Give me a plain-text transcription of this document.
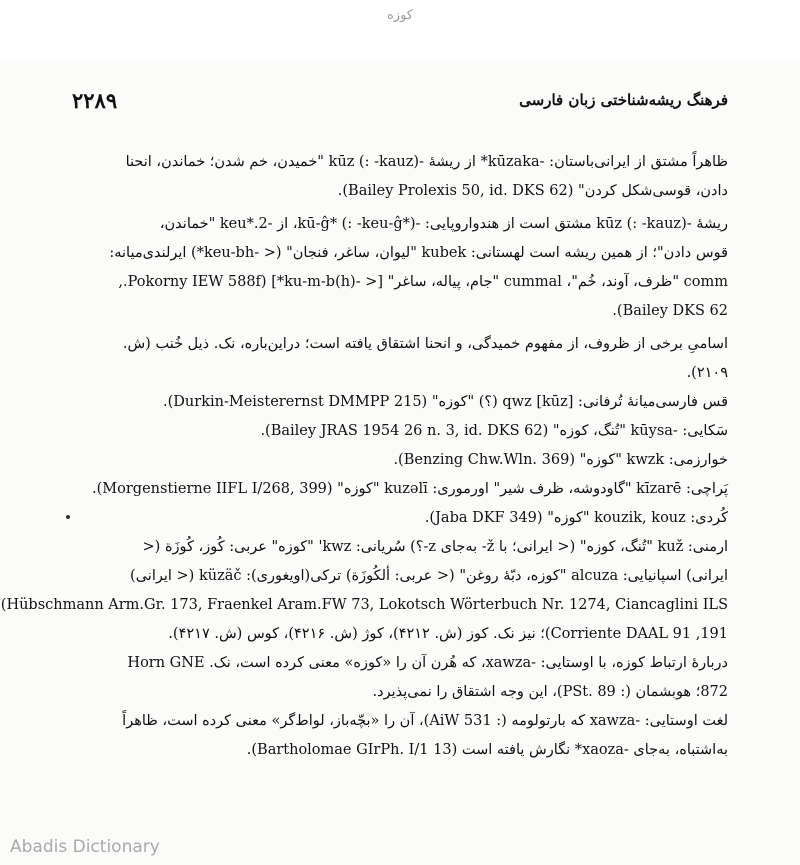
کوزه
۲۲۸۹	فرهنگ ریشه‌شناختی زبان فارسی
ظاهراً مشتق از ایرانی‌باستان: -kūzaka* از ریشهٔ -kūz (: -kauz) "خمیدن، خم شدن؛ خماندن، انحنا
دادن، قوسی‌شکل کردن" (Bailey Prolexis 50, id. DKS 62).
ریشهٔ -kūz (: -kauz) مشتق است از هندواروپایی: -kū-ĝ* (: -keu-ĝ*)، از -keu*.2 "خماندن،
قوس دادن"؛ از همین ریشه است لهستانی: kubek "لیوان، ساغر، فنجان" (< -keu-bh*) ایرلندی‌میانه:
comm "ظرف، آوند، خُم"، cummal "جام، پیاله، ساغر" [< -ku-m-b(h)*] (Pokorny IEW 588f.,
Bailey DKS 62).
اسامیِ برخی از ظروف، از مفهوم خمیدگی، و انحنا اشتقاق یافته است؛ دراین‌باره، نک. ذیل خُنب (ش.
۲۱۰۹).
قس فارسی‌میانهٔ تُرفانی: qwz [kūz] (؟) "کوزه" (Durkin-Meisterernst DMMPP 215).
سَکایی: -kūysa "تُنگ، کوزه" (Bailey JRAS 1954 26 n. 3, id. DKS 62).
خوارزمی: kwzk "کوزه" (Benzing Chw.Wln. 369).
پَراچی: kīzarē "گاودوشه، ظرف شیر" اورموری: kuzəlī "کوزه" (Morgenstierne IIFL I/268, 399).
کُردی: kouzik, kouz "کوزه" (Jaba DKF 349).
ارمنی: kuž "تُنگ، کوزه" (< ایرانی؛ با ž- به‌جای z-؟) سُریانی: kwz' "کوزه" عربی: کُوز، کُوزَة (<
ایرانی) اسپانیایی: alcuza "کوزه، دبّهٔ روغن" (< عربی: ألکُوزَة) ترکی(اویغوری): küzäč (< ایرانی)
Hübschmann Arm.Gr. 173, Fraenkel Aram.FW 73, Lokotsch Wörterbuch Nr. 1274, Ciancaglini ILS)
191, Corriente DAAL 91)؛ نیز نک. کوز (ش. ۴۲۱۲)، کوژ (ش. ۴۲۱۶)، کوس (ش. ۴۲۱۷).
دربارهٔ ارتباط کوزه، با اوستایی: -xawza، که هُرن آن را «کوزه» معنی کرده است، نک. Horn GNE
872؛ هوبشمان (: PSt. 89)، این وجه اشتقاق را نمی‌پذیرد.
لغت اوستایی: -xawza که بارتولومه (: AiW 531)، آن را «بچّه‌باز، لواط‌گر» معنی کرده است، ظاهراً
به‌اشتباه، به‌جای -xaoza* نگارش یافته است (Bartholomae GIrPh. I/1 13).
Abadis Dictionary
